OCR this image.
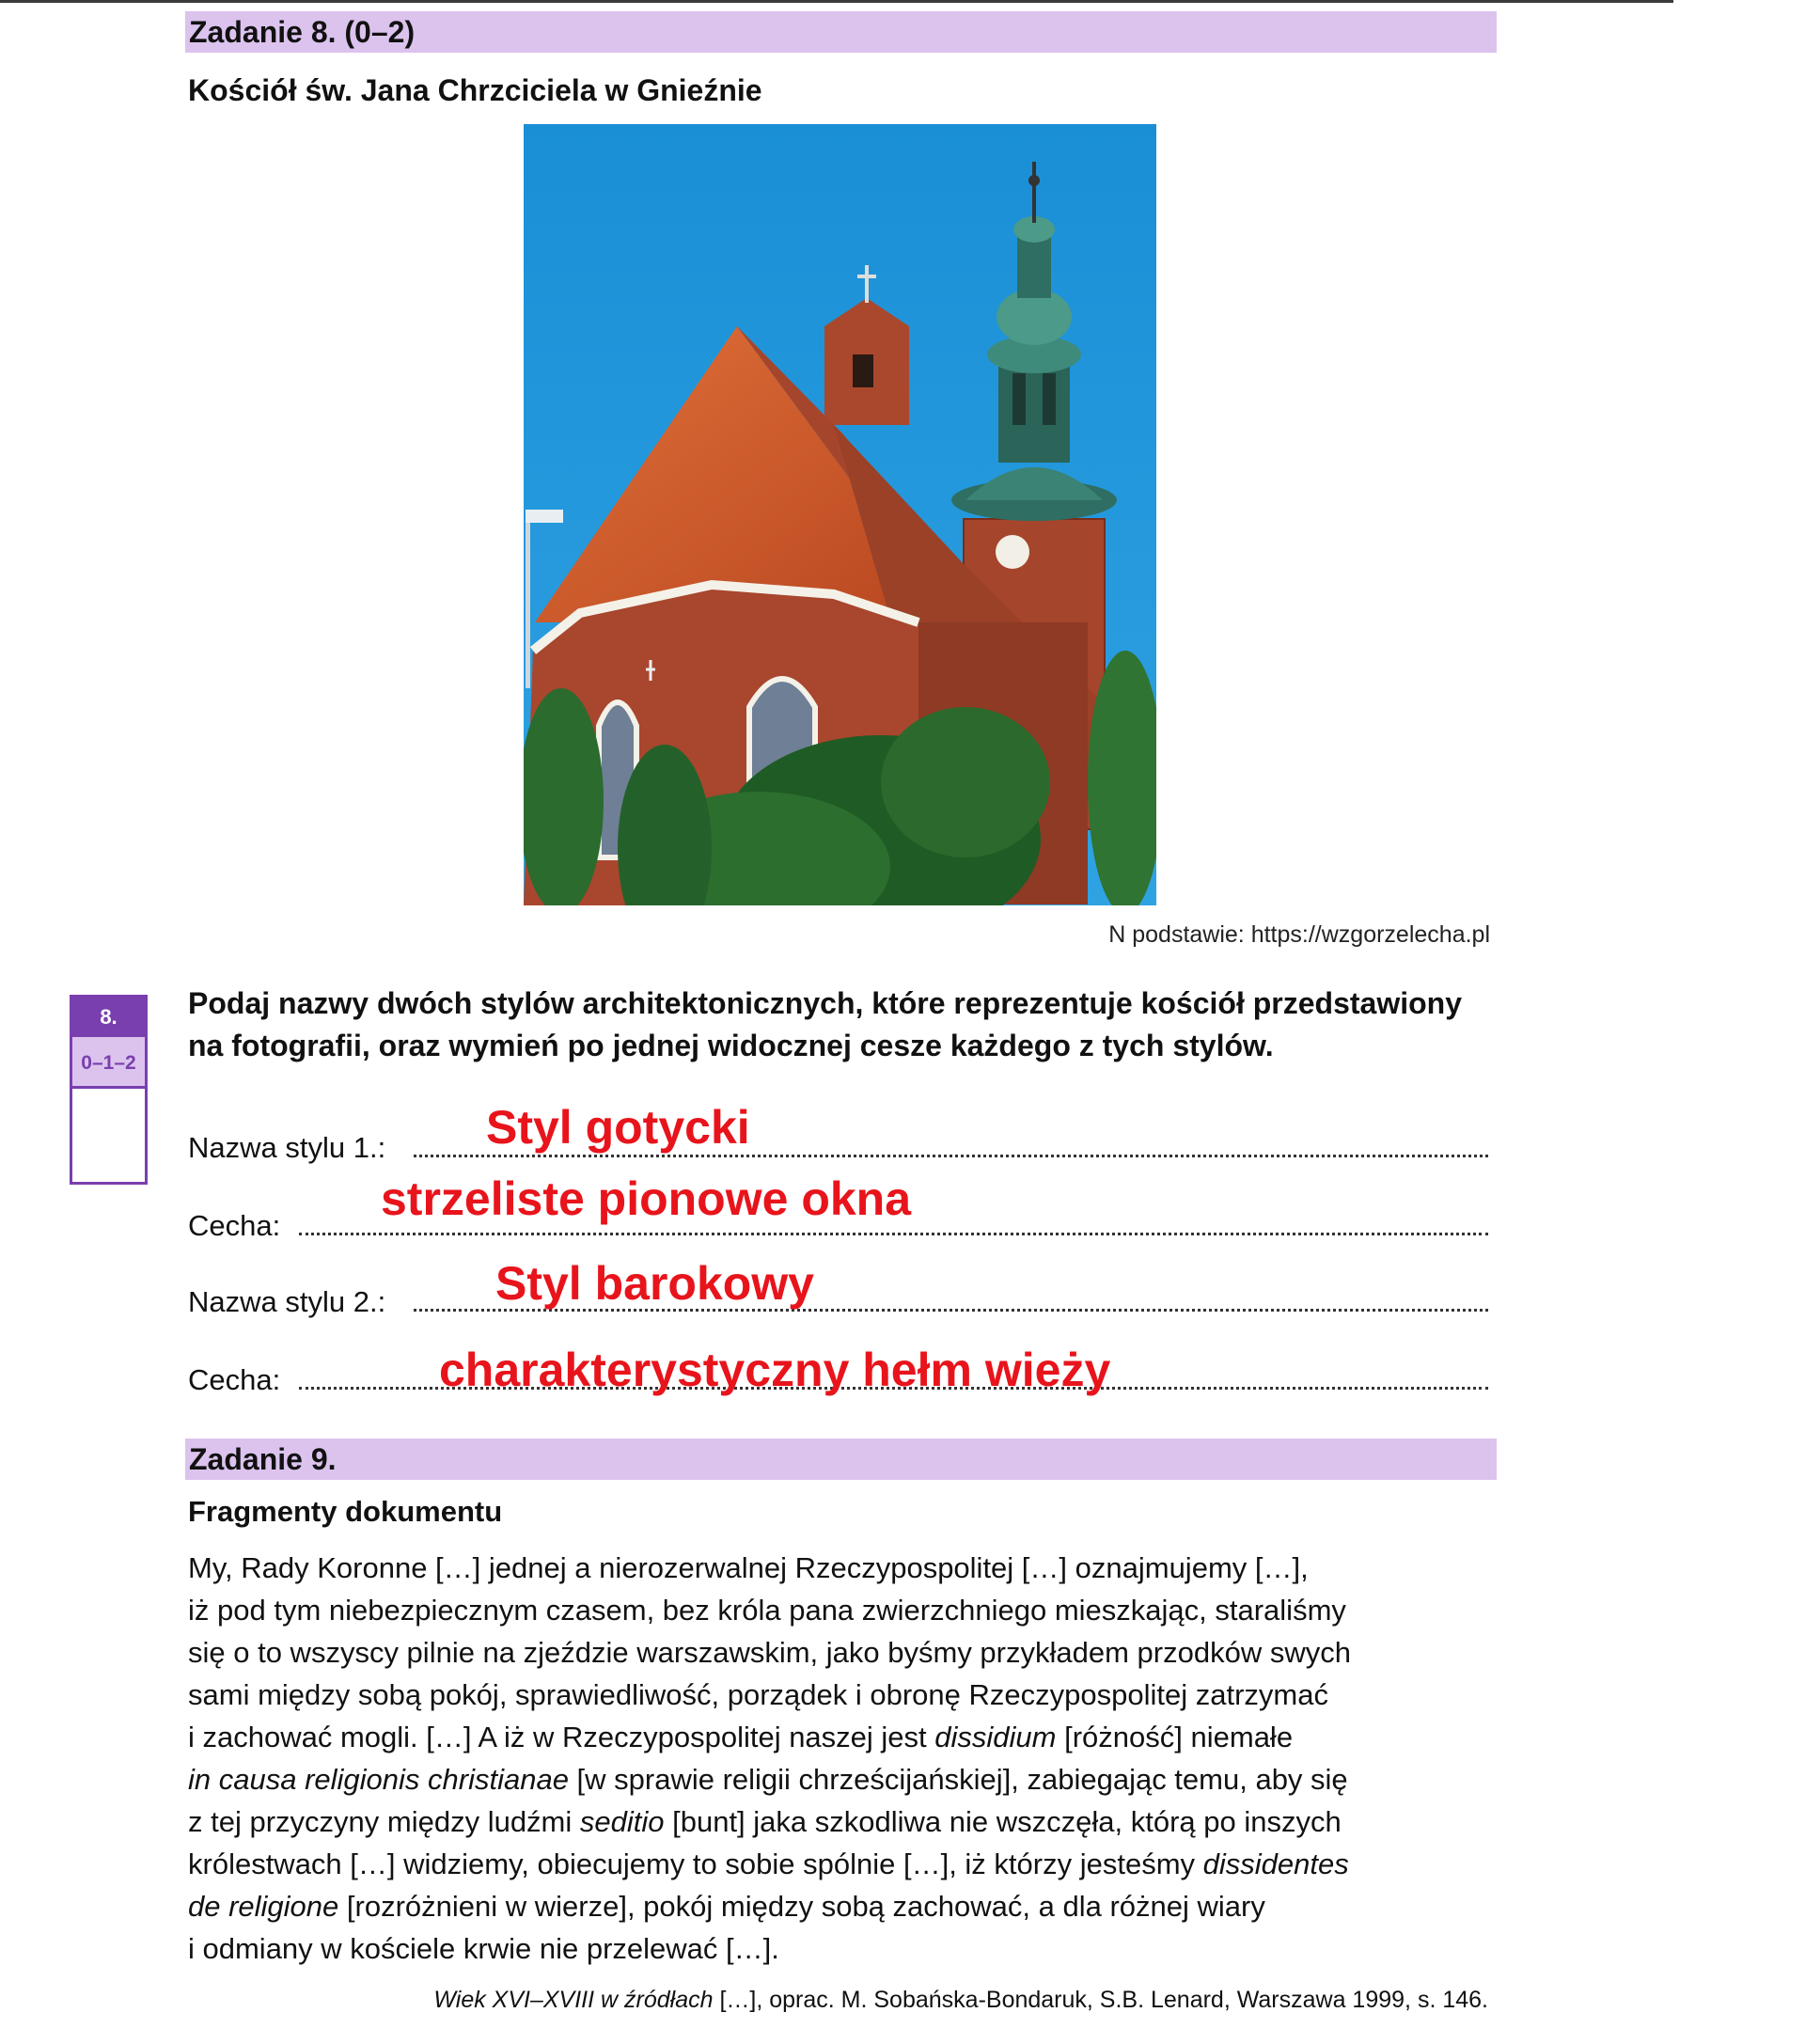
Zadanie 8. (0–2)
Kościół św. Jana Chrzciciela w Gnieźnie
N podstawie: https://wzgorzelecha.pl
8.
0–1–2
Podaj nazwy dwóch stylów architektonicznych, które reprezentuje kościół przedstawiony na fotografii, oraz wymień po jednej widocznej cesze każdego z tych stylów.
Nazwa stylu 1.: Styl gotycki
Cecha:
strzeliste pionowe okna
Nazwa stylu 2.: Styl barokowy
Cecha:	charakterystyczny hełm wieży
Zadanie 9.
Fragmenty dokumentu

My, Rady Koronne […] jednej a nierozerwalnej Rzeczypospolitej […] oznajmujemy […],

iż pod tym niebezpiecznym czasem, bez króla pana zwierzchniego mieszkając, staraliśmy

się o to wszyscy pilnie na zjeździe warszawskim, jako byśmy przykładem przodków swych

sami między sobą pokój, sprawiedliwość, porządek i obronę Rzeczypospolitej zatrzymać

i zachować mogli. […] A iż w Rzeczypospolitej naszej jest dissidium [różność] niemałe

in causa religionis christianae [w sprawie religii chrześcijańskiej], zabiegając temu, aby się

z tej przyczyny między ludźmi seditio [bunt] jaka szkodliwa nie wszczęła, którą po inszych

królestwach […] widziemy, obiecujemy to sobie spólnie […], iż którzy jesteśmy dissidentes

de religione [rozróżnieni w wierze], pokój między sobą zachować, a dla różnej wiary

i odmiany w kościele krwie nie przelewać […].

Wiek XVI–XVIII w źródłach […], oprac. M. Sobańska-Bondaruk, S.B. Lenard, Warszawa 1999, s. 146.
